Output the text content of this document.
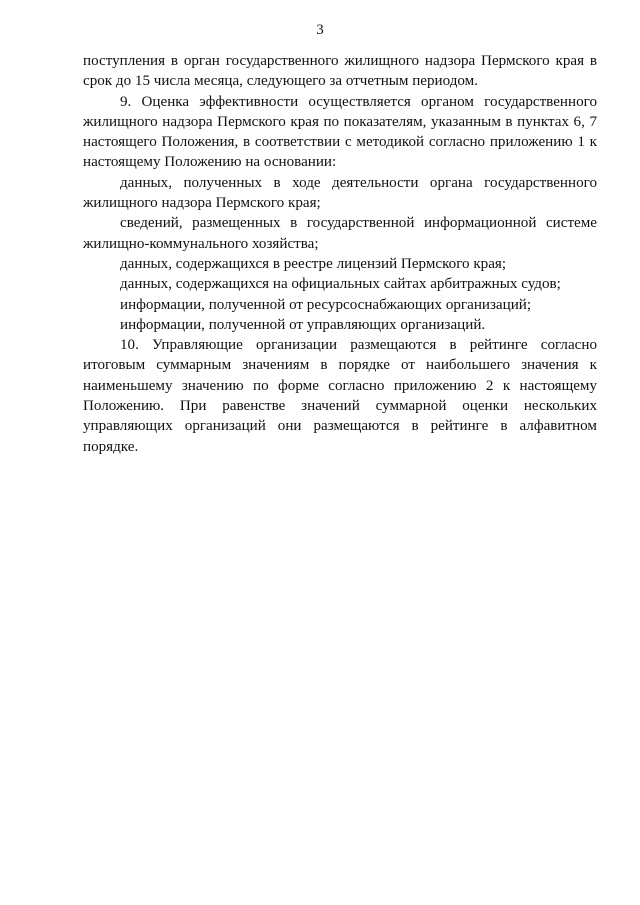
3

поступления в орган государственного жилищного надзора Пермского края в срок до 15 числа месяца, следующего за отчетным периодом.

9. Оценка эффективности осуществляется органом государственного жилищного надзора Пермского края по показателям, указанным в пунктах 6, 7 настоящего Положения, в соответствии с методикой согласно приложению 1 к настоящему Положению на основании:

данных, полученных в ходе деятельности органа государственного жилищного надзора Пермского края;

сведений, размещенных в государственной информационной системе жилищно-коммунального хозяйства;

данных, содержащихся в реестре лицензий Пермского края;

данных, содержащихся на официальных сайтах арбитражных судов;

информации, полученной от ресурсоснабжающих организаций;

информации, полученной от управляющих организаций.

10. Управляющие организации размещаются в рейтинге согласно итоговым суммарным значениям в порядке от наибольшего значения к наименьшему значению по форме согласно приложению 2 к настоящему Положению. При равенстве значений суммарной оценки нескольких управляющих организаций они размещаются в рейтинге в алфавитном порядке.
